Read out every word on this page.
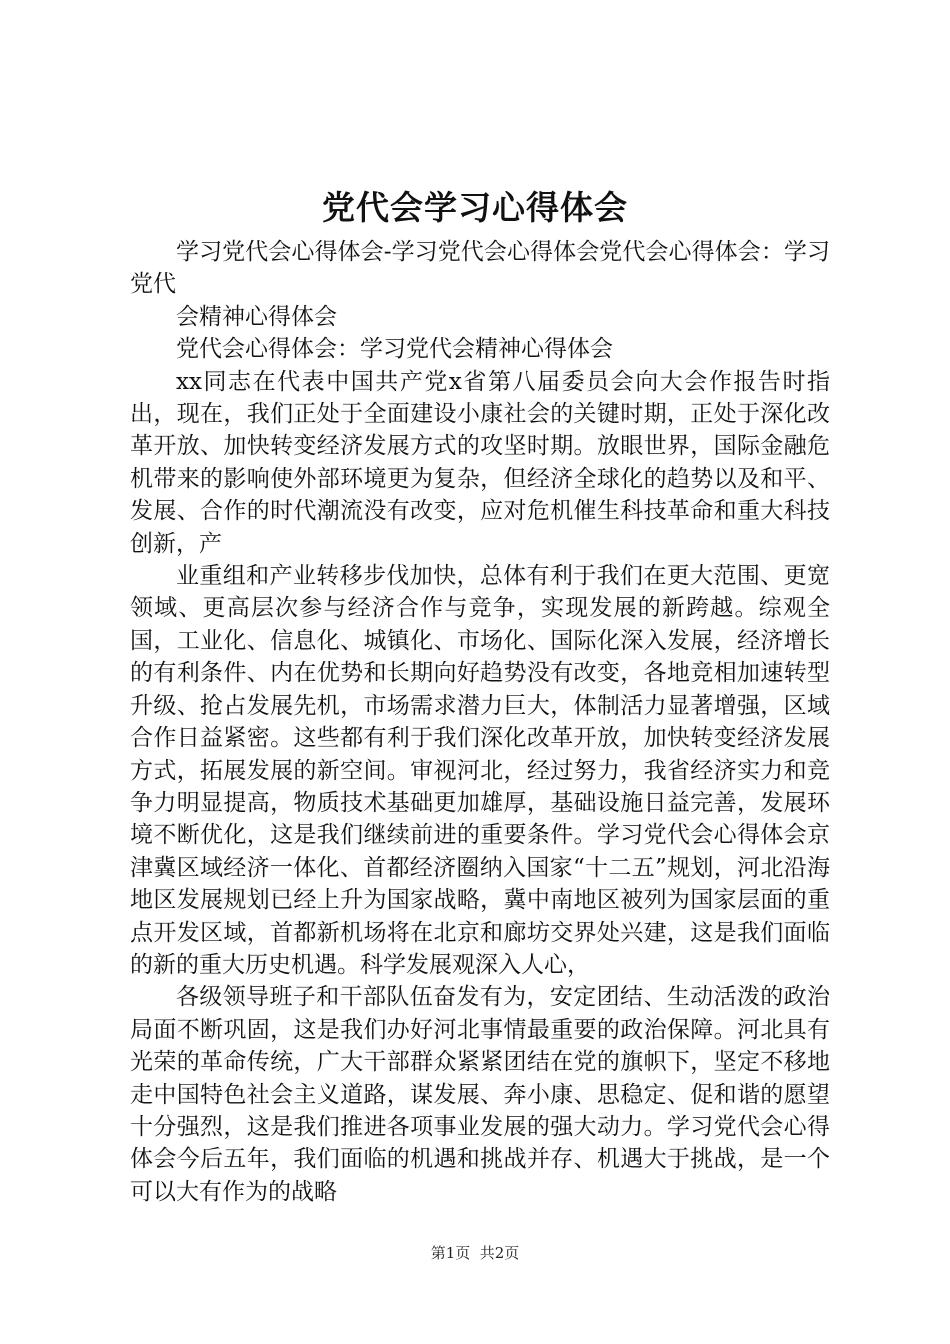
党代会学习心得体会

学习党代会心得体会-学习党代会心得体会党代会心得体会：学习党代

会精神心得体会

党代会心得体会：学习党代会精神心得体会

xx同志在代表中国共产党x省第八届委员会向大会作报告时指出，现在，我们正处于全面建设小康社会的关键时期，正处于深化改革开放、加快转变经济发展方式的攻坚时期。放眼世界，国际金融危机带来的影响使外部环境更为复杂，但经济全球化的趋势以及和平、发展、合作的时代潮流没有改变，应对危机催生科技革命和重大科技创新，产

业重组和产业转移步伐加快，总体有利于我们在更大范围、更宽领域、更高层次参与经济合作与竞争，实现发展的新跨越。综观全国，工业化、信息化、城镇化、市场化、国际化深入发展，经济增长的有利条件、内在优势和长期向好趋势没有改变，各地竞相加速转型升级、抢占发展先机，市场需求潜力巨大，体制活力显著增强，区域合作日益紧密。这些都有利于我们深化改革开放，加快转变经济发展方式，拓展发展的新空间。审视河北，经过努力，我省经济实力和竞争力明显提高，物质技术基础更加雄厚，基础设施日益完善，发展环境不断优化，这是我们继续前进的重要条件。学习党代会心得体会京津冀区域经济一体化、首都经济圈纳入国家“十二五”规划，河北沿海地区发展规划已经上升为国家战略，冀中南地区被列为国家层面的重点开发区域，首都新机场将在北京和廊坊交界处兴建，这是我们面临的新的重大历史机遇。科学发展观深入人心，

各级领导班子和干部队伍奋发有为，安定团结、生动活泼的政治局面不断巩固，这是我们办好河北事情最重要的政治保障。河北具有光荣的革命传统，广大干部群众紧紧团结在党的旗帜下，坚定不移地走中国特色社会主义道路，谋发展、奔小康、思稳定、促和谐的愿望十分强烈，这是我们推进各项事业发展的强大动力。学习党代会心得体会今后五年，我们面临的机遇和挑战并存、机遇大于挑战，是一个可以大有作为的战略

第1页  共2页
